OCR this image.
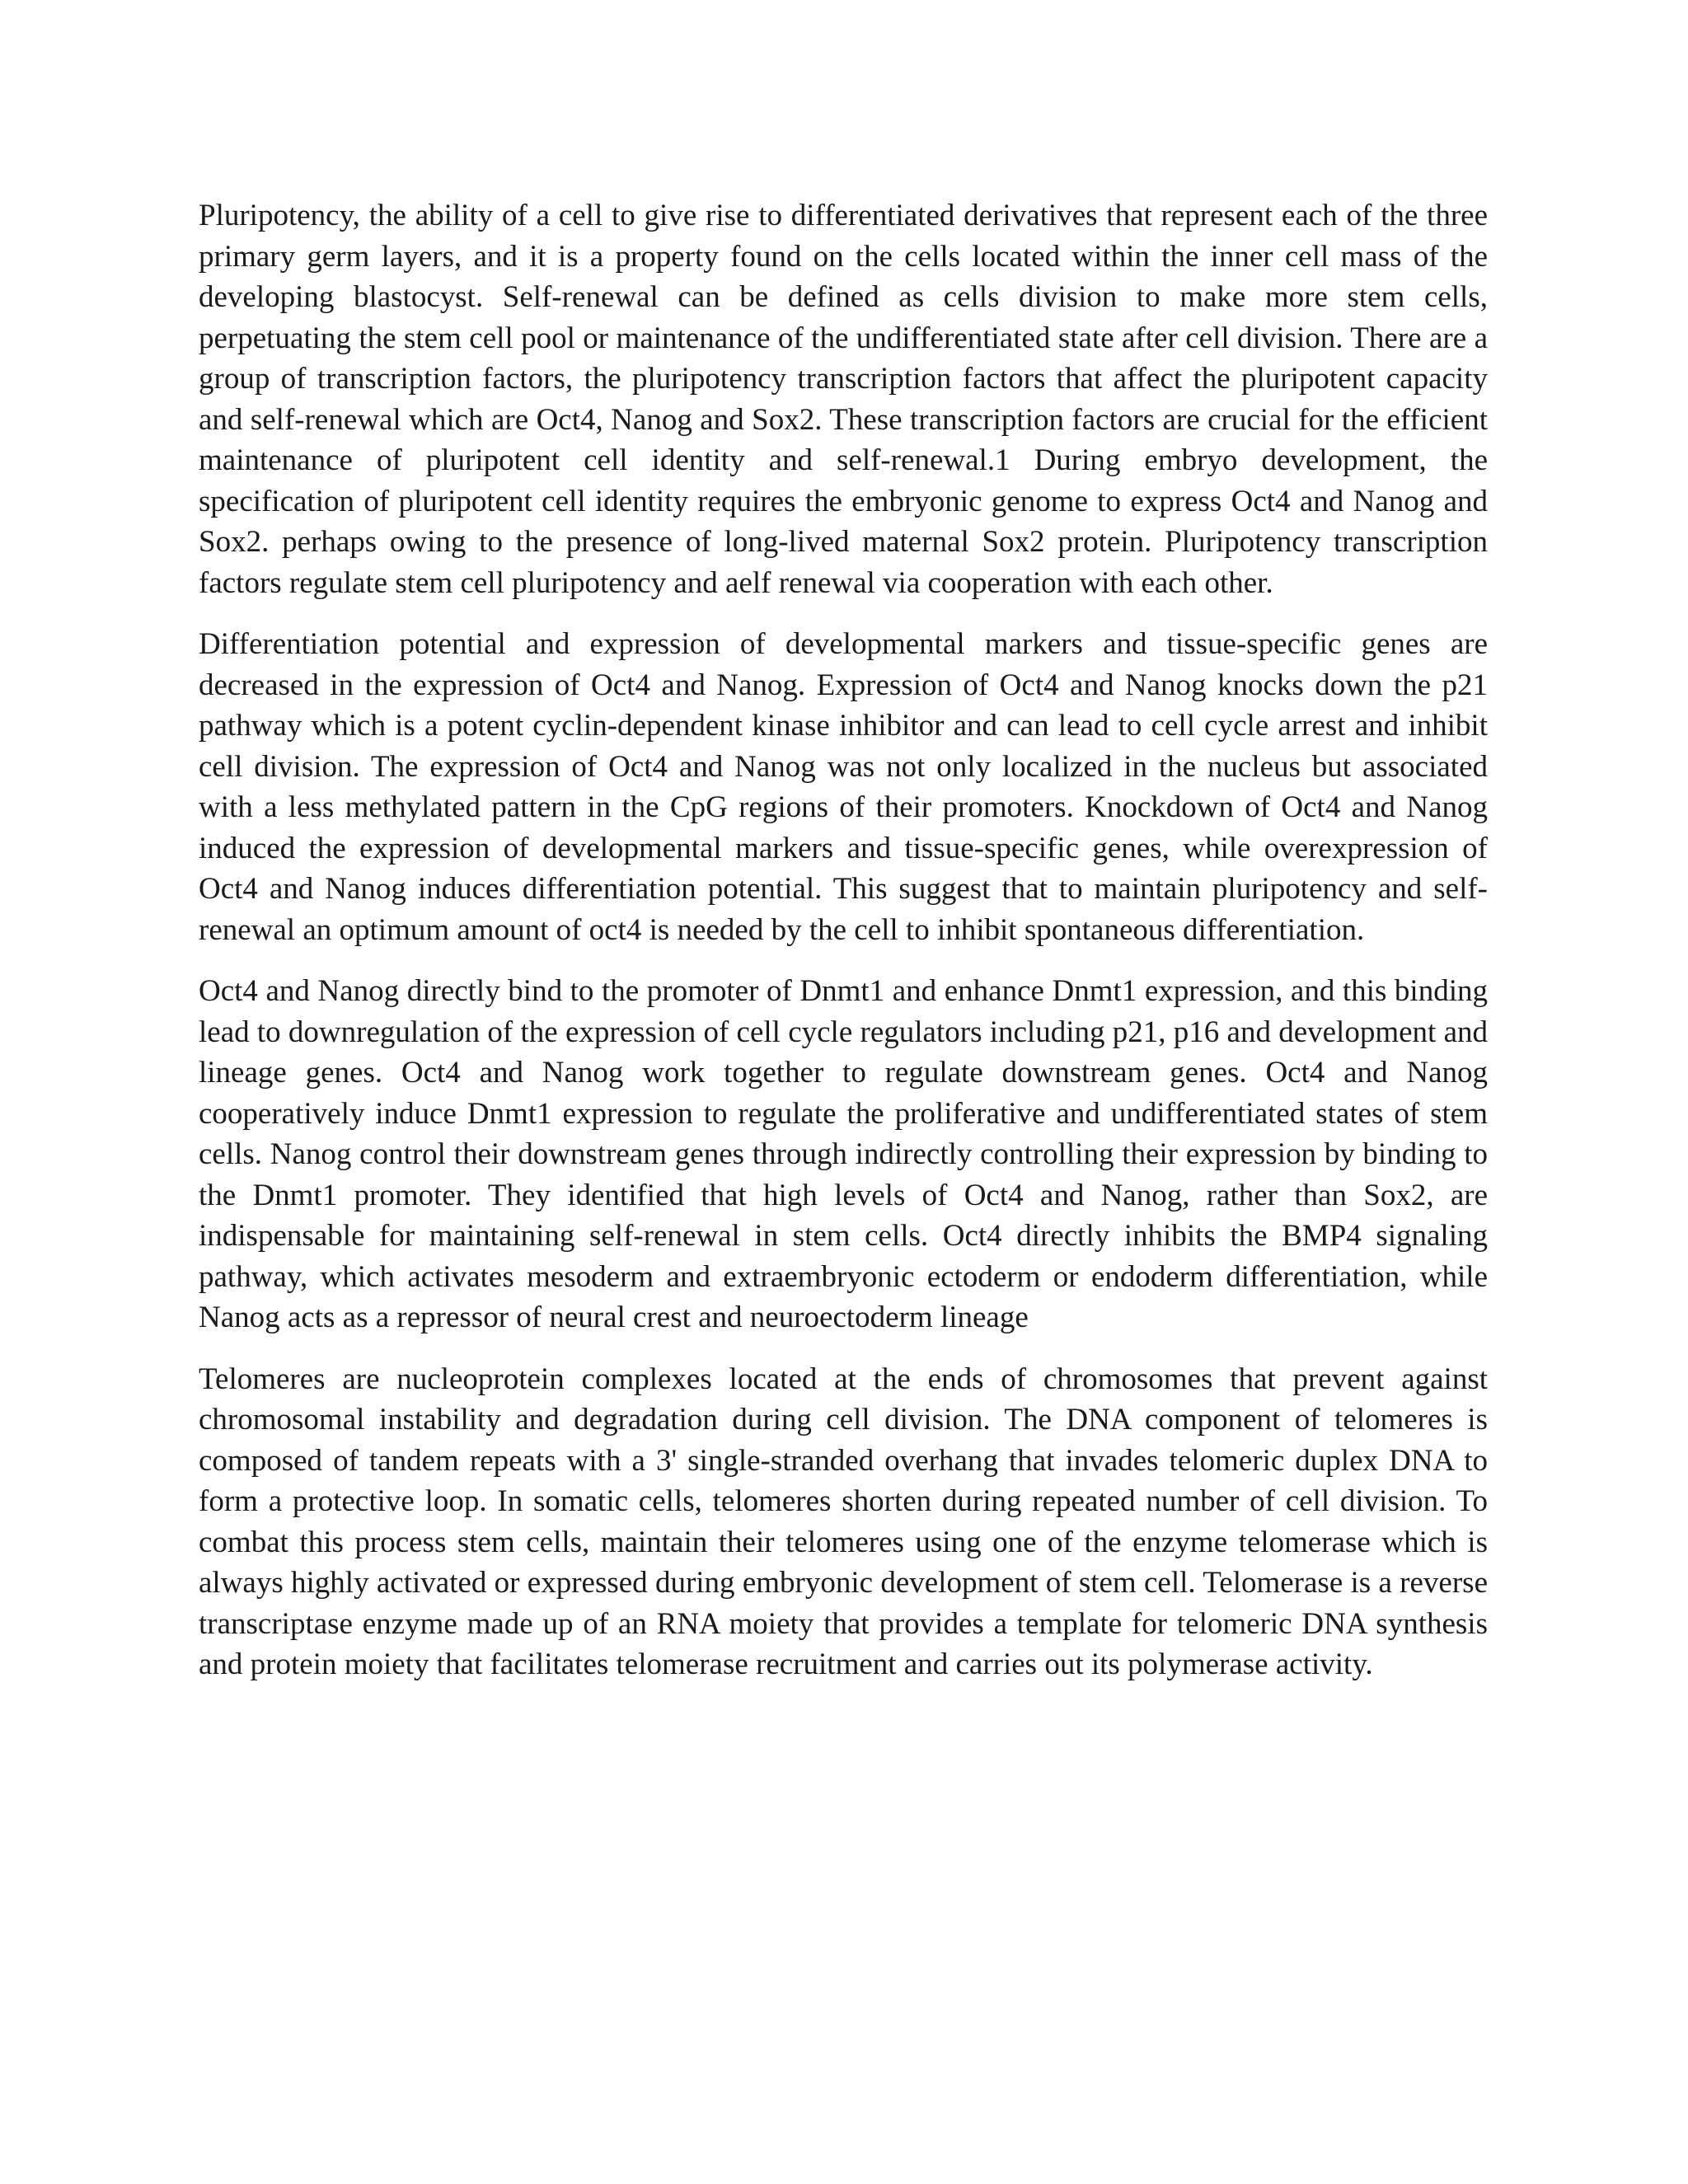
Pluripotency, the ability of a cell to give rise to differentiated derivatives that represent each of the three primary germ layers, and it is a property found on the cells located within the inner cell mass of the developing blastocyst. Self-renewal can be defined as cells division to make more stem cells, perpetuating the stem cell pool or maintenance of the undifferentiated state after cell division. There are a group of transcription factors, the pluripotency transcription factors that affect the pluripotent capacity and self-renewal which are Oct4, Nanog and Sox2. These transcription factors are crucial for the efficient maintenance of pluripotent cell identity and self-renewal.1 During embryo development, the specification of pluripotent cell identity requires the embryonic genome to express Oct4 and Nanog and Sox2. perhaps owing to the presence of long-lived maternal Sox2 protein. Pluripotency transcription factors regulate stem cell pluripotency and aelf renewal via cooperation with each other.

Differentiation potential and expression of developmental markers and tissue-specific genes are decreased in the expression of Oct4 and Nanog. Expression of Oct4 and Nanog knocks down the p21 pathway which is a potent cyclin-dependent kinase inhibitor and can lead to cell cycle arrest and inhibit cell division. The expression of Oct4 and Nanog was not only localized in the nucleus but associated with a less methylated pattern in the CpG regions of their promoters. Knockdown of Oct4 and Nanog induced the expression of developmental markers and tissue-specific genes, while overexpression of Oct4 and Nanog induces differentiation potential. This suggest that to maintain pluripotency and self-renewal an optimum amount of oct4 is needed by the cell to inhibit spontaneous differentiation.

Oct4 and Nanog directly bind to the promoter of Dnmt1 and enhance Dnmt1 expression, and this binding lead to downregulation of the expression of cell cycle regulators including p21, p16 and development and lineage genes. Oct4 and Nanog work together to regulate downstream genes. Oct4 and Nanog cooperatively induce Dnmt1 expression to regulate the proliferative and undifferentiated states of stem cells. Nanog control their downstream genes through indirectly controlling their expression by binding to the Dnmt1 promoter. They identified that high levels of Oct4 and Nanog, rather than Sox2, are indispensable for maintaining self-renewal in stem cells. Oct4 directly inhibits the BMP4 signaling pathway, which activates mesoderm and extraembryonic ectoderm or endoderm differentiation, while Nanog acts as a repressor of neural crest and neuroectoderm lineage

Telomeres are nucleoprotein complexes located at the ends of chromosomes that prevent against chromosomal instability and degradation during cell division. The DNA component of telomeres is composed of tandem repeats with a 3' single-stranded overhang that invades telomeric duplex DNA to form a protective loop. In somatic cells, telomeres shorten during repeated number of cell division. To combat this process stem cells, maintain their telomeres using one of the enzyme telomerase which is always highly activated or expressed during embryonic development of stem cell. Telomerase is a reverse transcriptase enzyme made up of an RNA moiety that provides a template for telomeric DNA synthesis and protein moiety that facilitates telomerase recruitment and carries out its polymerase activity.
